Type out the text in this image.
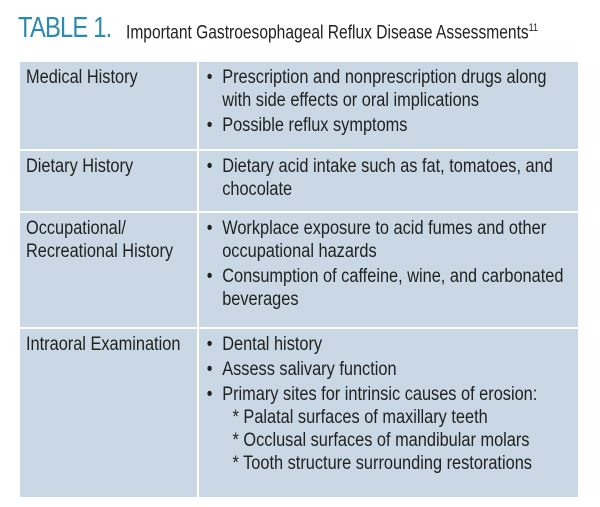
TABLE 1. Important Gastroesophageal Reflux Disease Assessments$^{11}$
Medical History

•Prescription and nonprescription drugs along with side effects or oral implications
• Possible reflux symptoms

Dietary History

•Dietary acid intake such as fat, tomatoes, and chocolate

Occupational/ Recreational History

• Workplace exposure to acid fumes and other occupational hazards
• Consumption of caffeine, wine, and carbonated beverages

Intraoral Examination

•Dental history
• Assess salivary function
• Primary sites for intrinsic causes of erosion:
* Palatal surfaces of maxillary teeth
* Occlusal surfaces of mandibular molars
* Tooth structure surrounding restorations
